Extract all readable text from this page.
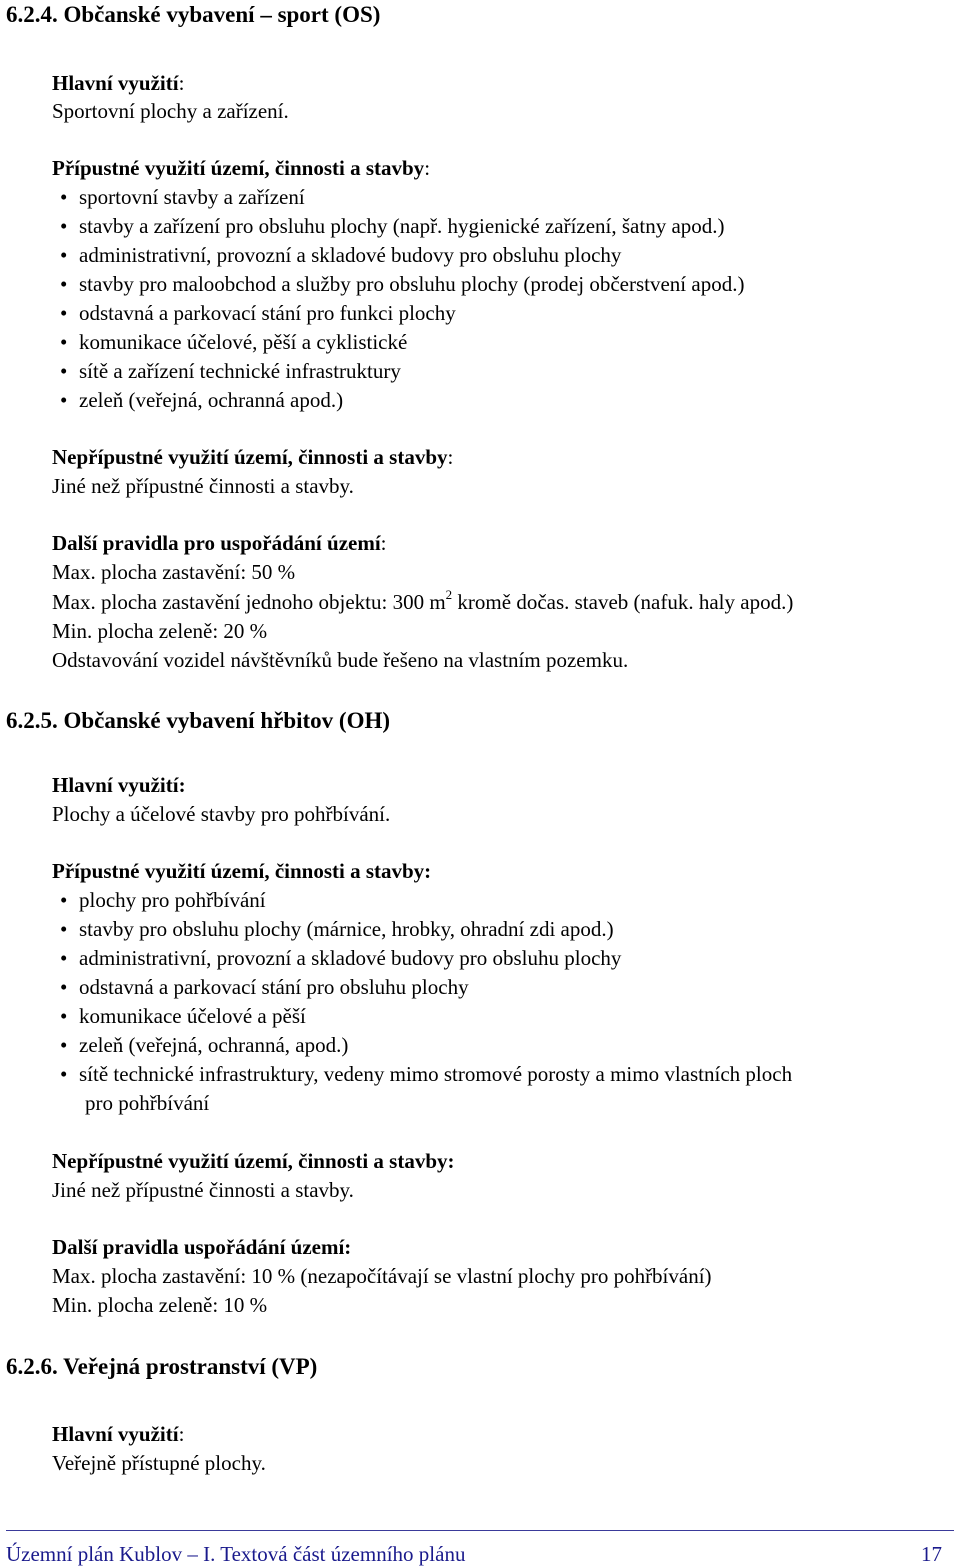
6.2.4. Občanské vybavení – sport (OS)
Hlavní využití:
Sportovní plochy a zařízení.
Přípustné využití území, činnosti a stavby:
sportovní stavby a zařízení
stavby a zařízení pro obsluhu plochy (např. hygienické zařízení, šatny apod.)
administrativní, provozní a skladové budovy pro obsluhu plochy
stavby pro maloobchod a služby pro obsluhu plochy (prodej občerstvení apod.)
odstavná a parkovací stání pro funkci plochy
komunikace účelové, pěší a cyklistické
sítě a zařízení technické infrastruktury
zeleň (veřejná, ochranná apod.)
Nepřípustné využití území, činnosti a stavby:
Jiné než přípustné činnosti a stavby.
Další pravidla pro uspořádání území:
Max. plocha zastavění: 50 %
Max. plocha zastavění jednoho objektu: 300 $m^2$ kromě dočas. staveb (nafuk. haly apod.)
Min. plocha zeleně: 20 %
Odstavování vozidel návštěvníků bude řešeno na vlastním pozemku.
6.2.5. Občanské vybavení hřbitov (OH)
Hlavní využití:
Plochy a účelové stavby pro pohřbívání.
Přípustné využití území, činnosti a stavby:
plochy pro pohřbívání
stavby pro obsluhu plochy (márnice, hrobky, ohradní zdi apod.)
administrativní, provozní a skladové budovy pro obsluhu plochy
odstavná a parkovací stání pro obsluhu plochy
komunikace účelové a pěší
zeleň (veřejná, ochranná, apod.)
sítě technické infrastruktury, vedeny mimo stromové porosty a mimo vlastních ploch
pro pohřbívání
Nepřípustné využití území, činnosti a stavby:
Jiné než přípustné činnosti a stavby.
Další pravidla uspořádání území:
Max. plocha zastavění: 10 % (nezapočítávají se vlastní plochy pro pohřbívání)
Min. plocha zeleně: 10 %
6.2.6. Veřejná prostranství (VP)
Hlavní využití:
Veřejně přístupné plochy.
Územní plán Kublov – I. Textová část územního plánu	17
